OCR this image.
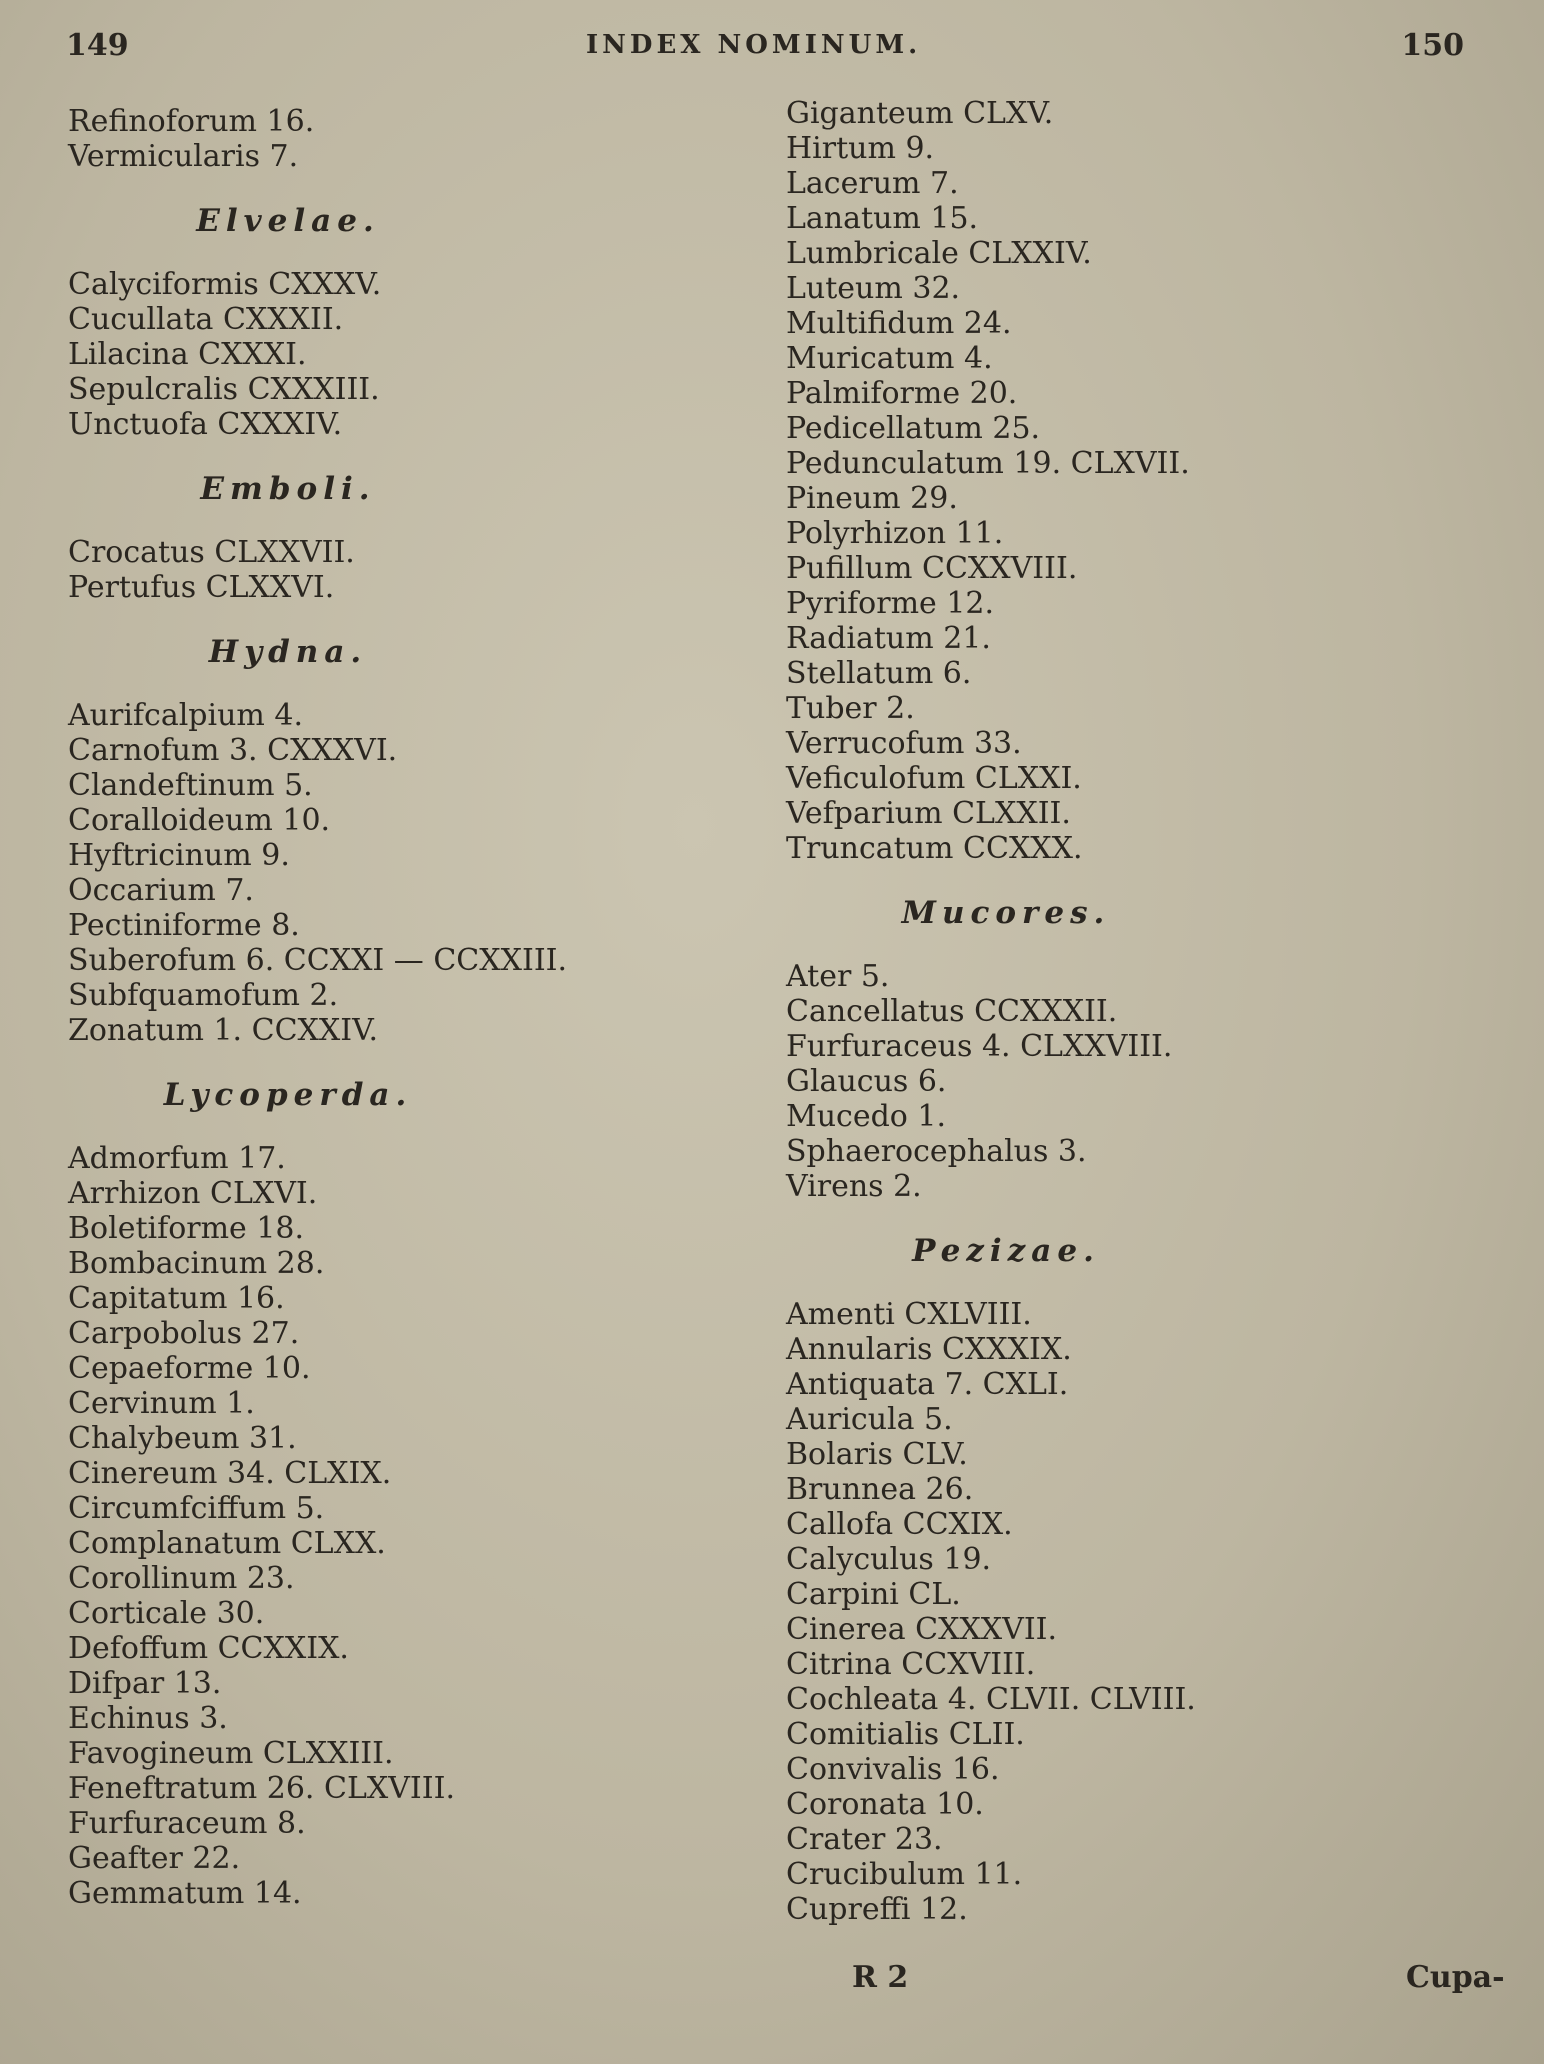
149	INDEX NOMINUM.	150
Refinoforum 16.
Vermicularis 7.
Elvelae.
Calyciformis CXXXV.
Cucullata CXXXII.
Lilacina CXXXI.
Sepulcralis CXXXIII.
Unctuofa CXXXIV.
Emboli.
Crocatus CLXXVII.
Pertufus CLXXVI.
Hydna.
Aurifcalpium 4.
Carnofum 3. CXXXVI.
Clandeftinum 5.
Coralloideum 10.
Hyftricinum 9.
Occarium 7.
Pectiniforme 8.
Suberofum 6. CCXXI — CCXXIII.
Subfquamofum 2.
Zonatum 1. CCXXIV.
Lycoperda.
Admorfum 17.
Arrhizon CLXVI.
Boletiforme 18.
Bombacinum 28.
Capitatum 16.
Carpobolus 27.
Cepaeforme 10.
Cervinum 1.
Chalybeum 31.
Cinereum 34. CLXIX.
Circumfciffum 5.
Complanatum CLXX.
Corollinum 23.
Corticale 30.
Defoffum CCXXIX.
Difpar 13.
Echinus 3.
Favogineum CLXXIII.
Feneftratum 26. CLXVIII.
Furfuraceum 8.
Geafter 22.
Gemmatum 14.
Giganteum CLXV.
Hirtum 9.
Lacerum 7.
Lanatum 15.
Lumbricale CLXXIV.
Luteum 32.
Multifidum 24.
Muricatum 4.
Palmiforme 20.
Pedicellatum 25.
Pedunculatum 19. CLXVII.
Pineum 29.
Polyrhizon 11.
Pufillum CCXXVIII.
Pyriforme 12.
Radiatum 21.
Stellatum 6.
Tuber 2.
Verrucofum 33.
Veficulofum CLXXI.
Vefparium CLXXII.
Truncatum CCXXX.
Mucores.
Ater 5.
Cancellatus CCXXXII.
Furfuraceus 4. CLXXVIII.
Glaucus 6.
Mucedo 1.
Sphaerocephalus 3.
Virens 2.
Pezizae.
Amenti CXLVIII.
Annularis CXXXIX.
Antiquata 7. CXLI.
Auricula 5.
Bolaris CLV.
Brunnea 26.
Callofa CCXIX.
Calyculus 19.
Carpini CL.
Cinerea CXXXVII.
Citrina CCXVIII.
Cochleata 4. CLVII. CLVIII.
Comitialis CLII.
Convivalis 16.
Coronata 10.
Crater 23.
Crucibulum 11.
Cupreffi 12.
R 2	Cupa-
